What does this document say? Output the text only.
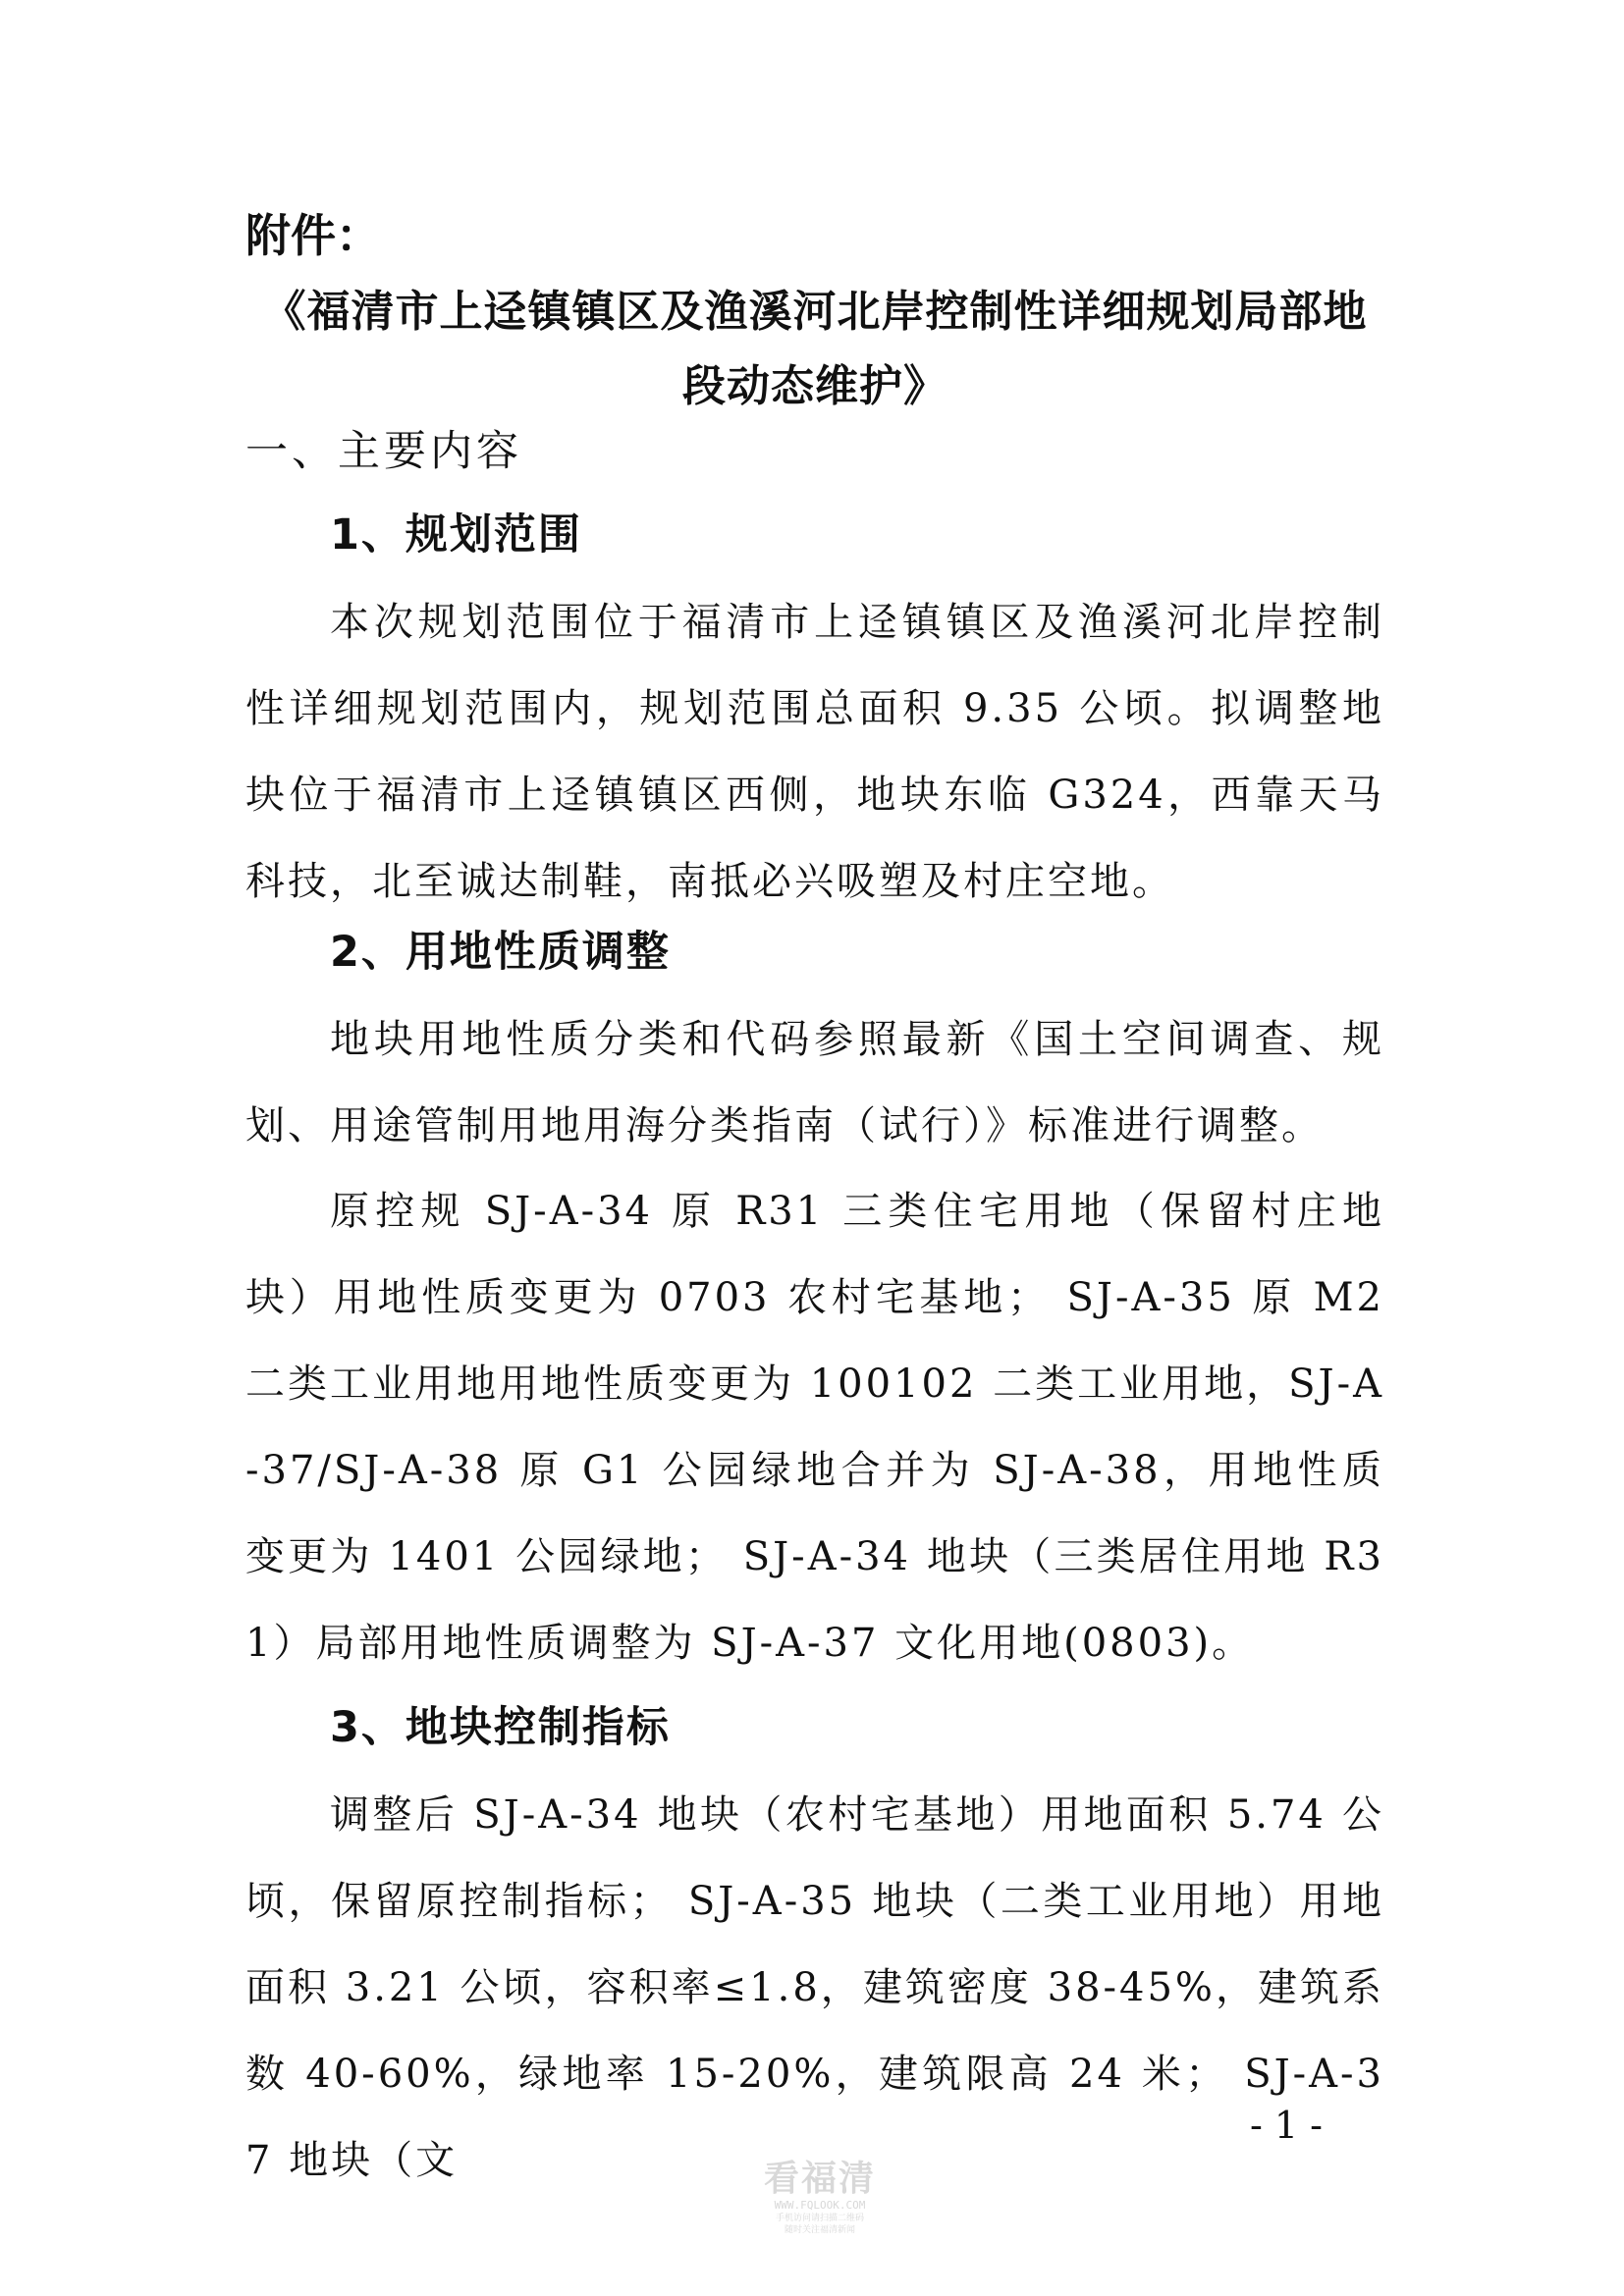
附件：
《福清市上迳镇镇区及渔溪河北岸控制性详细规划局部地段动态维护》
一、主要内容
1、规划范围
本次规划范围位于福清市上迳镇镇区及渔溪河北岸控制性详细规划范围内，规划范围总面积 9.35 公顷。拟调整地块位于福清市上迳镇镇区西侧，地块东临 G324，西靠天马科技，北至诚达制鞋，南抵必兴吸塑及村庄空地。
2、用地性质调整
地块用地性质分类和代码参照最新《国土空间调查、规划、用途管制用地用海分类指南（试行）》标准进行调整。
原控规 SJ-A-34 原 R31 三类住宅用地（保留村庄地块）用地性质变更为 0703 农村宅基地； SJ-A-35 原 M2 二类工业用地用地性质变更为 100102 二类工业用地，SJ-A-37/SJ-A-38 原 G1 公园绿地合并为 SJ-A-38，用地性质变更为 1401 公园绿地； SJ-A-34 地块（三类居住用地 R31）局部用地性质调整为 SJ-A-37 文化用地(0803)。
3、地块控制指标
调整后 SJ-A-34 地块（农村宅基地）用地面积 5.74 公顷，保留原控制指标； SJ-A-35 地块（二类工业用地）用地面积 3.21 公顷，容积率≤1.8，建筑密度 38-45%，建筑系数 40-60%，绿地率 15-20%，建筑限高 24 米； SJ-A-37 地块（文
- 1 -
看福清
WWW.FQLOOK.COM
手机访问请扫描二维码
随时关注福清新闻
